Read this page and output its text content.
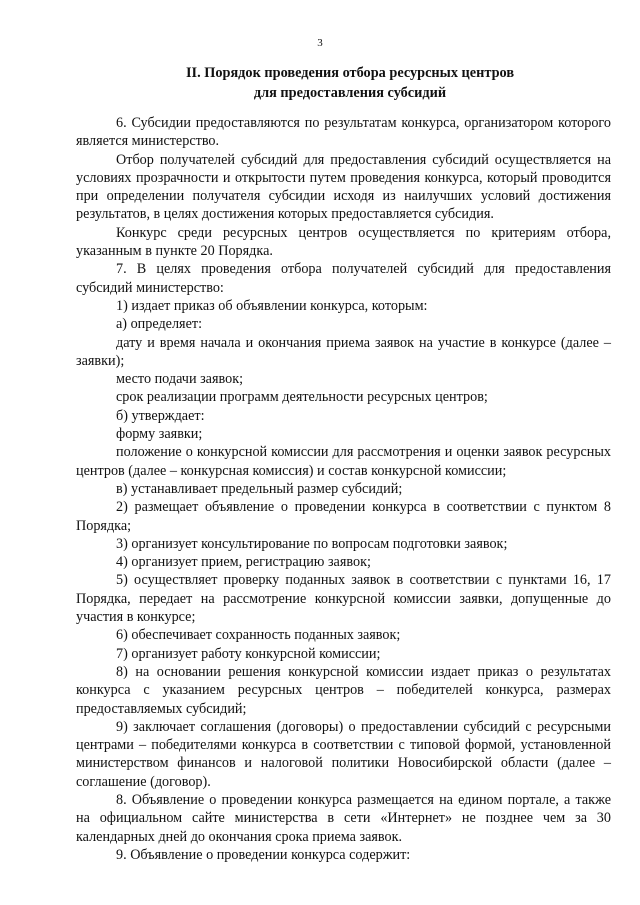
3
II. Порядок проведения отбора ресурсных центров
для предоставления субсидий

6. Субсидии предоставляются по результатам конкурса, организатором которого является министерство.

Отбор получателей субсидий для предоставления субсидий осуществляется на условиях прозрачности и открытости путем проведения конкурса, который проводится при определении получателя субсидии исходя из наилучших условий достижения результатов, в целях достижения которых предоставляется субсидия.

Конкурс среди ресурсных центров осуществляется по критериям отбора, указанным в пункте 20 Порядка.

7. В целях проведения отбора получателей субсидий для предоставления субсидий министерство:

1) издает приказ об объявлении конкурса, которым:

а) определяет:

дату и время начала и окончания приема заявок на участие в конкурсе (далее – заявки);

место подачи заявок;

срок реализации программ деятельности ресурсных центров;

б) утверждает:

форму заявки;

положение о конкурсной комиссии для рассмотрения и оценки заявок ресурсных центров (далее – конкурсная комиссия) и состав конкурсной комиссии;

в) устанавливает предельный размер субсидий;

2) размещает объявление о проведении конкурса в соответствии с пунктом 8 Порядка;

3) организует консультирование по вопросам подготовки заявок;

4) организует прием, регистрацию заявок;

5) осуществляет проверку поданных заявок в соответствии с пунктами 16, 17 Порядка, передает на рассмотрение конкурсной комиссии заявки, допущенные до участия в конкурсе;

6) обеспечивает сохранность поданных заявок;

7) организует работу конкурсной комиссии;

8) на основании решения конкурсной комиссии издает приказ о результатах конкурса с указанием ресурсных центров – победителей конкурса, размерах предоставляемых субсидий;

9) заключает соглашения (договоры) о предоставлении субсидий с ресурсными центрами – победителями конкурса в соответствии с типовой формой, установленной министерством финансов и налоговой политики Новосибирской области (далее – соглашение (договор).

8. Объявление о проведении конкурса размещается на едином портале, а также на официальном сайте министерства в сети «Интернет» не позднее чем за 30 календарных дней до окончания срока приема заявок.

9. Объявление о проведении конкурса содержит:
